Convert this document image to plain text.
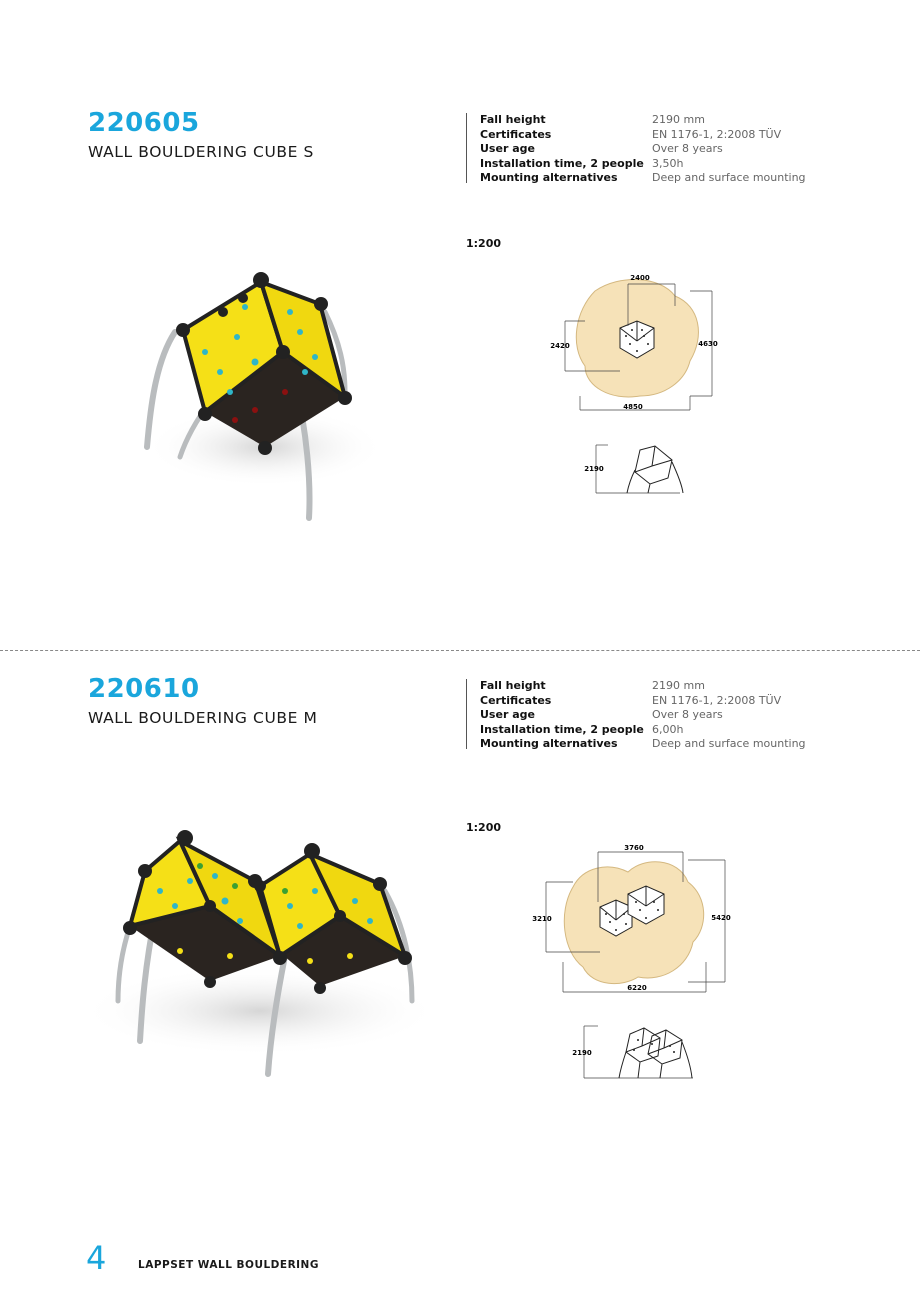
220605
WALL BOULDERING CUBE S
Fall height	2190 mm
Certificates	EN 1176-1, 2:2008 TÜV
User age	Over 8 years
Installation time, 2 people 3,50h
Mounting alternatives	Deep and surface mounting
1:200
2400
2420	4630
4850
2190
220610
WALL BOULDERING CUBE M
Fall height	2190 mm
Certificates	EN 1176-1, 2:2008 TÜV
User age	Over 8 years
Installation time, 2 people 6,00h
Mounting alternatives	Deep and surface mounting
1:200
3760
3210	5420
6220
2190
4	LAPPSET WALL BOULDERING
